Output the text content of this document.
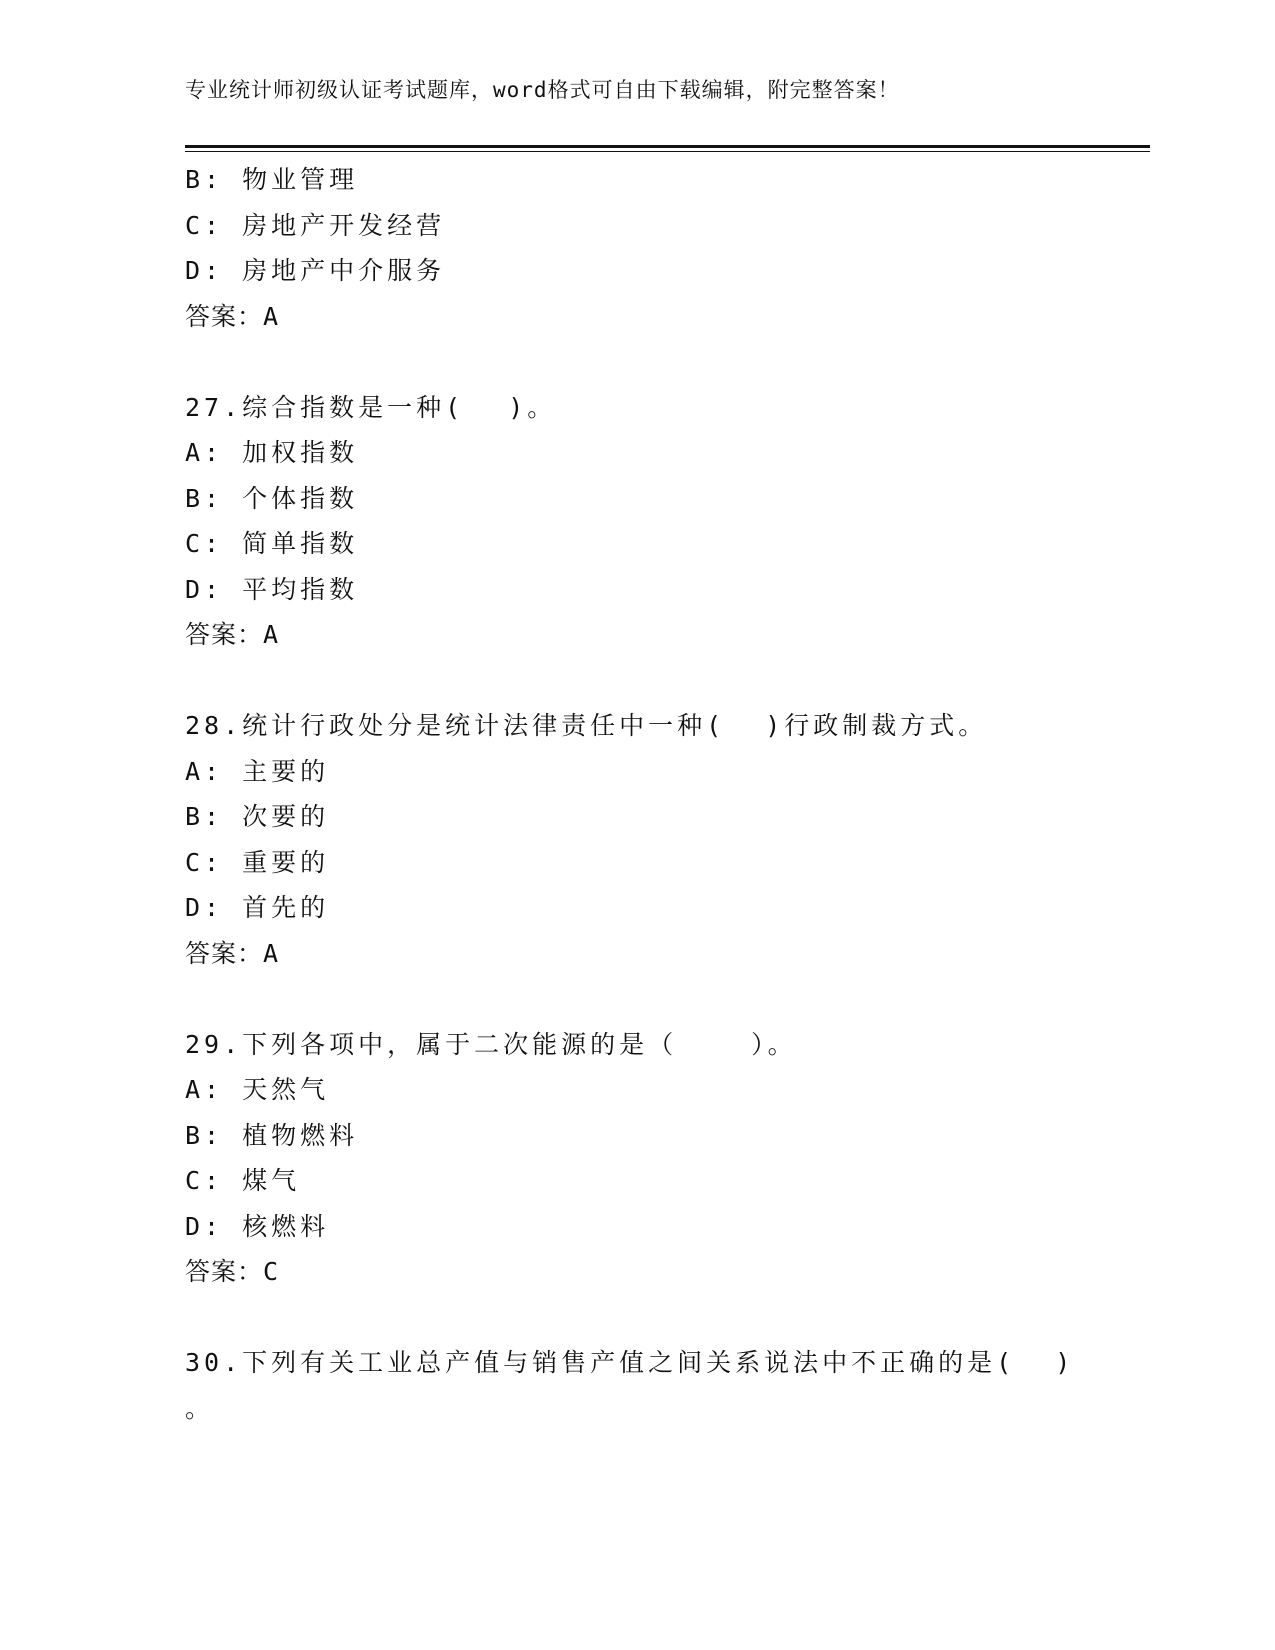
专业统计师初级认证考试题库，word格式可自由下载编辑，附完整答案！
B: 物业管理
C: 房地产开发经营
D: 房地产中介服务
答案：A
27.综合指数是一种( )。
A: 加权指数
B: 个体指数
C: 简单指数
D: 平均指数
答案：A
28.统计行政处分是统计法律责任中一种( )行政制裁方式。
A: 主要的
B: 次要的
C: 重要的
D: 首先的
答案：A
29.下列各项中，属于二次能源的是（	）。
A: 天然气
B: 植物燃料
C: 煤气
D: 核燃料
答案：C
30.下列有关工业总产值与销售产值之间关系说法中不正确的是( )
。
